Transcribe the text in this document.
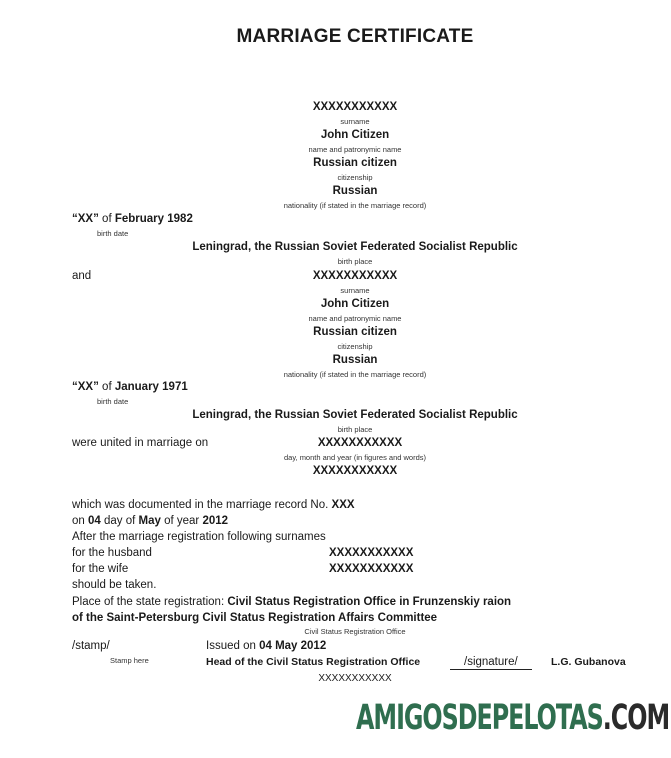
MARRIAGE CERTIFICATE
XXXXXXXXXXX
surname
John Citizen
name and patronymic name
Russian citizen
citizenship
Russian
nationality (if stated in the marriage record)
“XX” of February 1982
birth date
Leningrad, the Russian Soviet Federated Socialist Republic
birth place
and	XXXXXXXXXXX
surname
John Citizen
name and patronymic name
Russian citizen
citizenship
Russian
nationality (if stated in the marriage record)
“XX” of January 1971
birth date
Leningrad, the Russian Soviet Federated Socialist Republic
birth place
were united in marriage on	XXXXXXXXXXX
day, month and year (in figures and words)
XXXXXXXXXXX
which was documented in the marriage record No. XXX
on 04 day of May of year 2012
After the marriage registration following surnames
for the husband	XXXXXXXXXXX
for the wife	XXXXXXXXXXX
should be taken.
Place of the state registration: Civil Status Registration Office in Frunzenskiy raion
of the Saint-Petersburg Civil Status Registration Affairs Committee
Civil Status Registration Office
/stamp/
Stamp here
Issued on 04 May 2012
Head of the Civil Status Registration Office	/signature/	L.G. Gubanova
XXXXXXXXXXX
AMIGOSDEPELOTAS.COM
